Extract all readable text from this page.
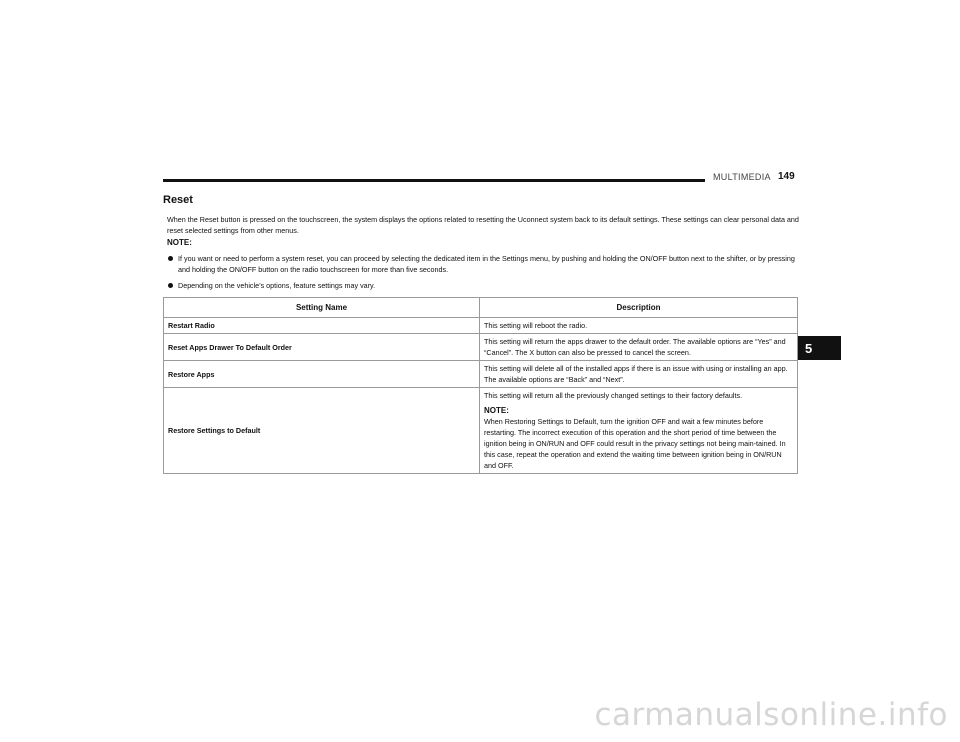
MULTIMEDIA 149
Reset
When the Reset button is pressed on the touchscreen, the system displays the options related to resetting the Uconnect system back to its default settings. These settings can clear personal data and reset selected settings from other menus.
NOTE:
If you want or need to perform a system reset, you can proceed by selecting the dedicated item in the Settings menu, by pushing and holding the ON/OFF button next to the shifter, or by pressing and holding the ON/OFF button on the radio touchscreen for more than five seconds.
Depending on the vehicle’s options, feature settings may vary.
Setting Name	Description
Restart Radio	This setting will reboot the radio.
Reset Apps Drawer To Default Order	This setting will return the apps drawer to the default order. The available options are “Yes” and “Cancel”. The X button can also be pressed to cancel the screen.
Restore Apps	This setting will delete all of the installed apps if there is an issue with using or installing an app. The available options are “Back” and “Next”.
Restore Settings to Default	This setting will return all the previously changed settings to their factory defaults.
NOTE:
When Restoring Settings to Default, turn the ignition OFF and wait a few minutes before restarting. The incorrect execution of this operation and the short period of time between the ignition being in ON/RUN and OFF could result in the privacy settings not being main-tained. In this case, repeat the operation and extend the waiting time between ignition being in ON/RUN and OFF.
5
carmanualsonline.info
